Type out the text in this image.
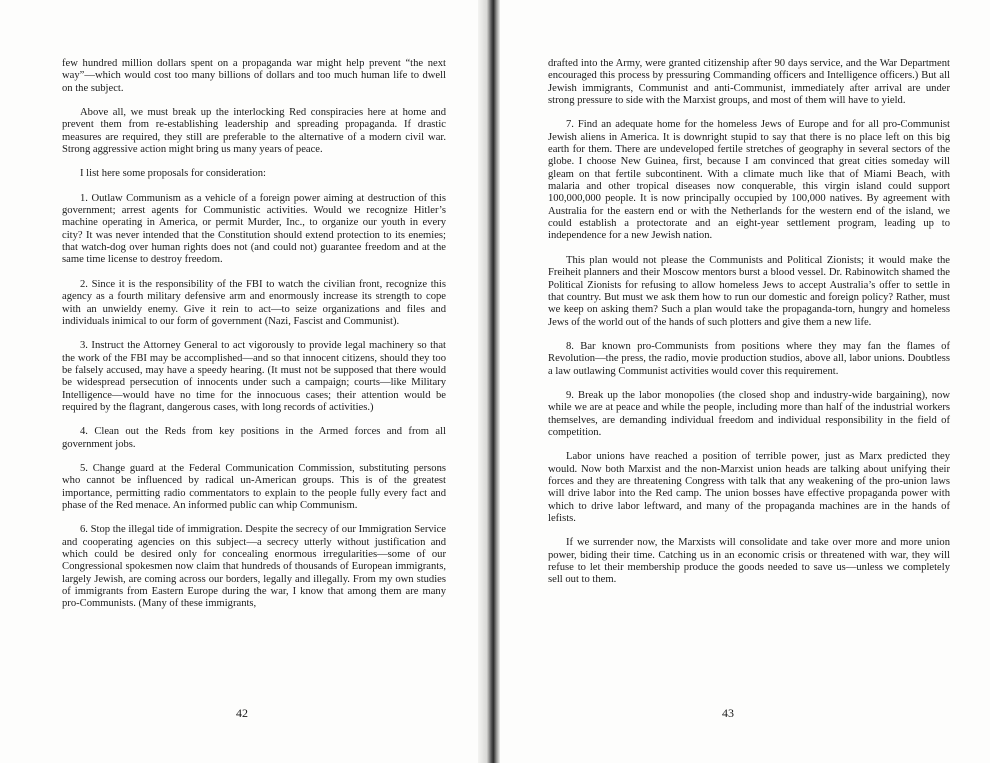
few hundred million dollars spent on a propaganda war might help prevent “the next way”—which would cost too many billions of dollars and too much human life to dwell on the subject.

Above all, we must break up the interlocking Red conspiracies here at home and prevent them from re-establishing leadership and spreading propaganda. If drastic measures are required, they still are preferable to the alternative of a modern civil war. Strong aggressive action might bring us many years of peace.

I list here some proposals for consideration:

1. Outlaw Communism as a vehicle of a foreign power aiming at destruction of this government; arrest agents for Communistic activities. Would we recognize Hitler’s machine operating in America, or permit Murder, Inc., to organize our youth in every city? It was never intended that the Constitution should extend protection to its enemies; that watch-dog over human rights does not (and could not) guarantee freedom and at the same time license to destroy freedom.

2. Since it is the responsibility of the FBI to watch the civilian front, recognize this agency as a fourth military defensive arm and enormously increase its strength to cope with an unwieldy enemy. Give it rein to act—to seize organizations and files and individuals inimical to our form of government (Nazi, Fascist and Communist).

3. Instruct the Attorney General to act vigorously to provide legal machinery so that the work of the FBI may be accomplished—and so that innocent citizens, should they too be falsely accused, may have a speedy hearing. (It must not be supposed that there would be widespread persecution of innocents under such a campaign; courts—like Military Intelligence—would have no time for the innocuous cases; their attention would be required by the flagrant, dangerous cases, with long records of activities.)

4. Clean out the Reds from key positions in the Armed forces and from all government jobs.

5. Change guard at the Federal Communication Commission, substituting persons who cannot be influenced by radical un-American groups. This is of the greatest importance, permitting radio commentators to explain to the people fully every fact and phase of the Red menace. An informed public can whip Communism.

6. Stop the illegal tide of immigration. Despite the secrecy of our Immigration Service and cooperating agencies on this subject—a secrecy utterly without justification and which could be desired only for concealing enormous irregularities—some of our Congressional spokesmen now claim that hundreds of thousands of European immigrants, largely Jewish, are coming across our borders, legally and illegally. From my own studies of immigrants from Eastern Europe during the war, I know that among them are many pro-Communists. (Many of these immigrants,

42

drafted into the Army, were granted citizenship after 90 days service, and the War Department encouraged this process by pressuring Commanding officers and Intelligence officers.) But all Jewish immigrants, Communist and anti-Communist, immediately after arrival are under strong pressure to side with the Marxist groups, and most of them will have to yield.

7. Find an adequate home for the homeless Jews of Europe and for all pro-Communist Jewish aliens in America. It is downright stupid to say that there is no place left on this big earth for them. There are undeveloped fertile stretches of geography in several sectors of the globe. I choose New Guinea, first, because I am convinced that great cities someday will gleam on that fertile subcontinent. With a climate much like that of Miami Beach, with malaria and other tropical diseases now conquerable, this virgin island could support 100,000,000 people. It is now principally occupied by 100,000 natives. By agreement with Australia for the eastern end or with the Netherlands for the western end of the island, we could establish a protectorate and an eight-year settlement program, leading up to independence for a new Jewish nation.

This plan would not please the Communists and Political Zionists; it would make the Freiheit planners and their Moscow mentors burst a blood vessel. Dr. Rabinowitch shamed the Political Zionists for refusing to allow homeless Jews to accept Australia’s offer to settle in that country. But must we ask them how to run our domestic and foreign policy? Rather, must we keep on asking them? Such a plan would take the propaganda-torn, hungry and homeless Jews of the world out of the hands of such plotters and give them a new life.

8. Bar known pro-Communists from positions where they may fan the flames of Revolution—the press, the radio, movie production studios, above all, labor unions. Doubtless a law outlawing Communist activities would cover this requirement.

9. Break up the labor monopolies (the closed shop and industry-wide bargaining), now while we are at peace and while the people, including more than half of the industrial workers themselves, are demanding individual freedom and individual responsibility in the field of competition.

Labor unions have reached a position of terrible power, just as Marx predicted they would. Now both Marxist and the non-Marxist union heads are talking about unifying their forces and they are threatening Congress with talk that any weakening of the pro-union laws will drive labor into the Red camp. The union bosses have effective propaganda power with which to drive labor leftward, and many of the propaganda machines are in the hands of lefists.

If we surrender now, the Marxists will consolidate and take over more and more union power, biding their time. Catching us in an economic crisis or threatened with war, they will refuse to let their membership produce the goods needed to save us—unless we completely sell out to them.

43
